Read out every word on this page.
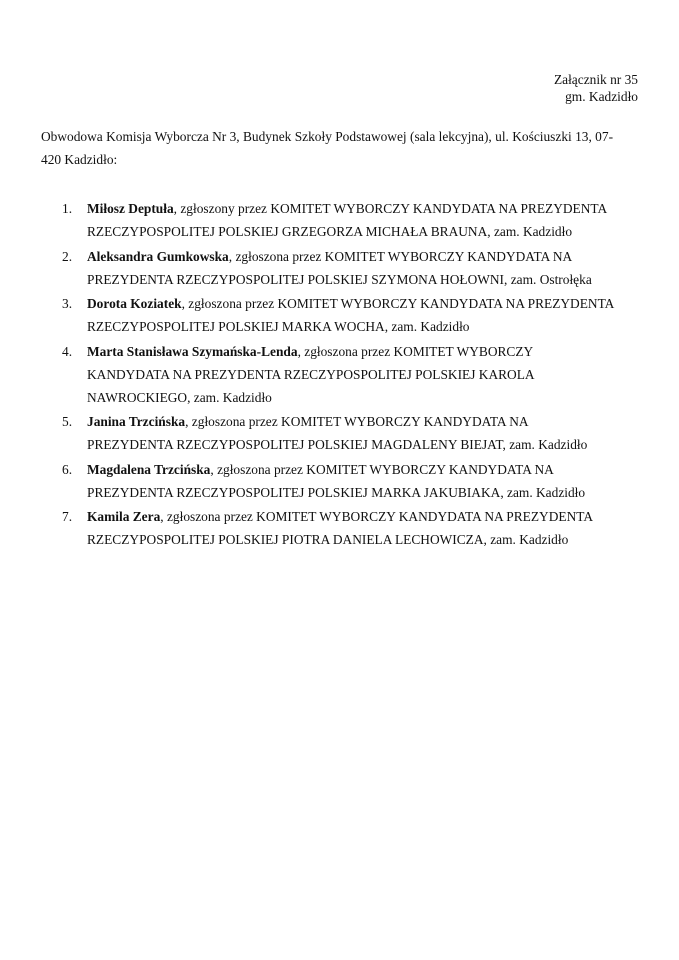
Załącznik nr 35
gm. Kadzidło
Obwodowa Komisja Wyborcza Nr 3, Budynek Szkoły Podstawowej (sala lekcyjna), ul. Kościuszki 13, 07-
420 Kadzidło:
1. Miłosz Deptuła, zgłoszony przez KOMITET WYBORCZY KANDYDATA NA PREZYDENTA
RZECZYPOSPOLITEJ POLSKIEJ GRZEGORZA MICHAŁA BRAUNA, zam. Kadzidło
2. Aleksandra Gumkowska, zgłoszona przez KOMITET WYBORCZY KANDYDATA NA
PREZYDENTA RZECZYPOSPOLITEJ POLSKIEJ SZYMONA HOŁOWNI, zam. Ostrołęka
3. Dorota Koziatek, zgłoszona przez KOMITET WYBORCZY KANDYDATA NA PREZYDENTA
RZECZYPOSPOLITEJ POLSKIEJ MARKA WOCHA, zam. Kadzidło
4. Marta Stanisława Szymańska-Lenda, zgłoszona przez KOMITET WYBORCZY
KANDYDATA NA PREZYDENTA RZECZYPOSPOLITEJ POLSKIEJ KAROLA
NAWROCKIEGO, zam. Kadzidło
5. Janina Trzcińska, zgłoszona przez KOMITET WYBORCZY KANDYDATA NA
PREZYDENTA RZECZYPOSPOLITEJ POLSKIEJ MAGDALENY BIEJAT, zam. Kadzidło
6. Magdalena Trzcińska, zgłoszona przez KOMITET WYBORCZY KANDYDATA NA
PREZYDENTA RZECZYPOSPOLITEJ POLSKIEJ MARKA JAKUBIAKA, zam. Kadzidło
7. Kamila Zera, zgłoszona przez KOMITET WYBORCZY KANDYDATA NA PREZYDENTA
RZECZYPOSPOLITEJ POLSKIEJ PIOTRA DANIELA LECHOWICZA, zam. Kadzidło
